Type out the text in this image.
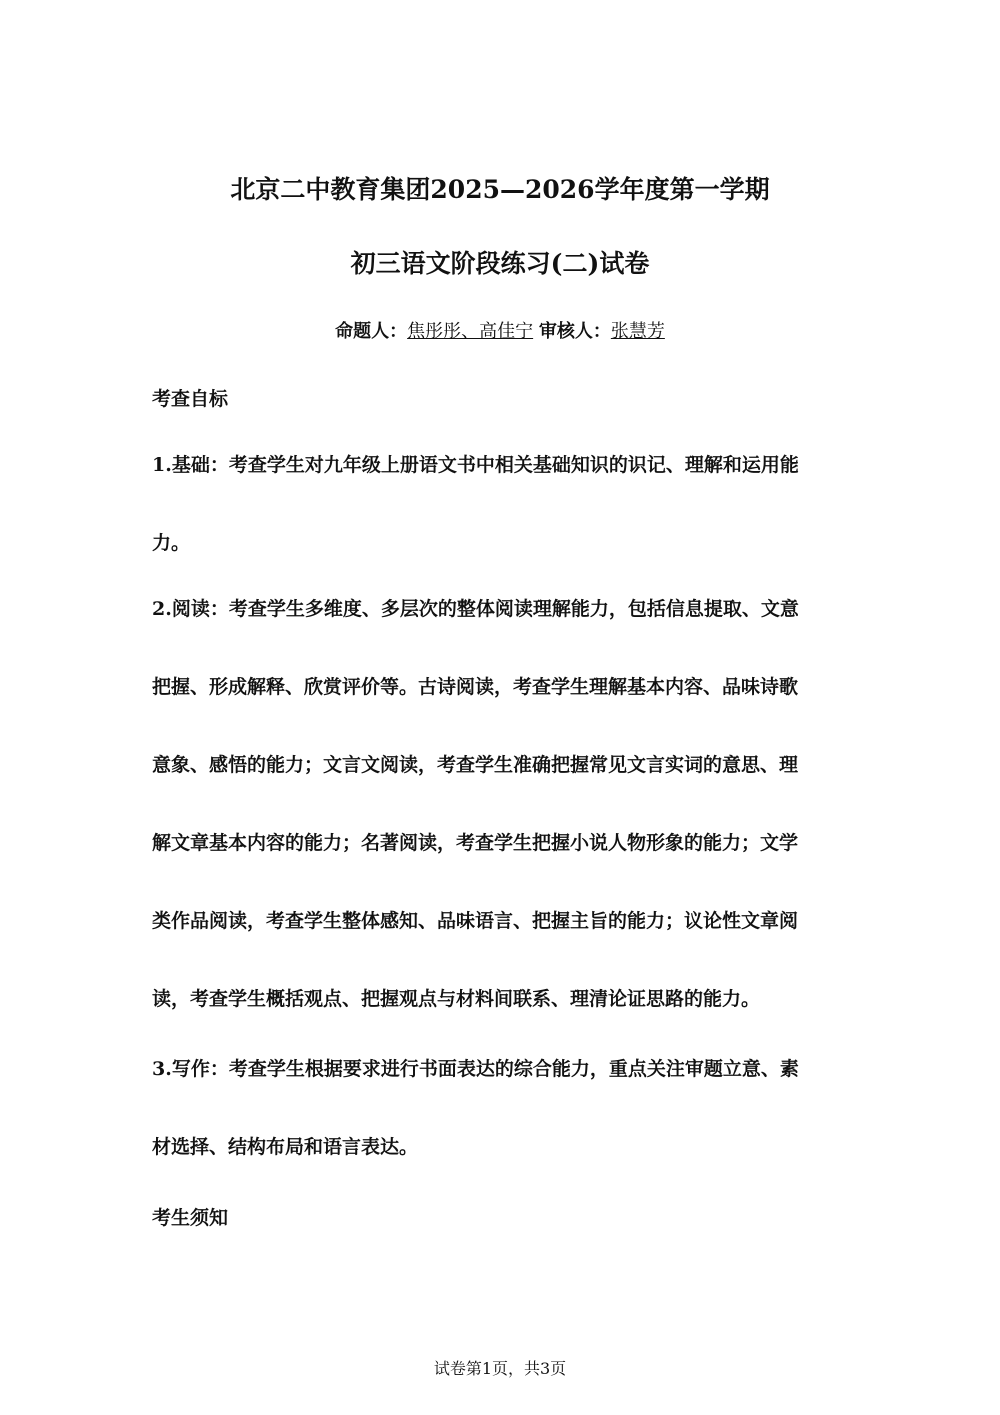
北京二中教育集团2025—2026学年度第一学期
初三语文阶段练习(二)试卷
命题人：焦彤彤、高佳宁 审核人：张慧芳
考查自标
1.基础：考查学生对九年级上册语文书中相关基础知识的识记、理解和运用能
力。
2.阅读：考查学生多维度、多层次的整体阅读理解能力，包括信息提取、文意
把握、形成解释、欣赏评价等。古诗阅读，考查学生理解基本内容、品味诗歌
意象、感悟的能力；文言文阅读，考查学生准确把握常见文言实词的意思、理
解文章基本内容的能力；名著阅读，考查学生把握小说人物形象的能力；文学
类作品阅读，考查学生整体感知、品味语言、把握主旨的能力；议论性文章阅
读，考查学生概括观点、把握观点与材料间联系、理清论证思路的能力。
3.写作：考查学生根据要求进行书面表达的综合能力，重点关注审题立意、素
材选择、结构布局和语言表达。
考生须知
试卷第1页，共3页
